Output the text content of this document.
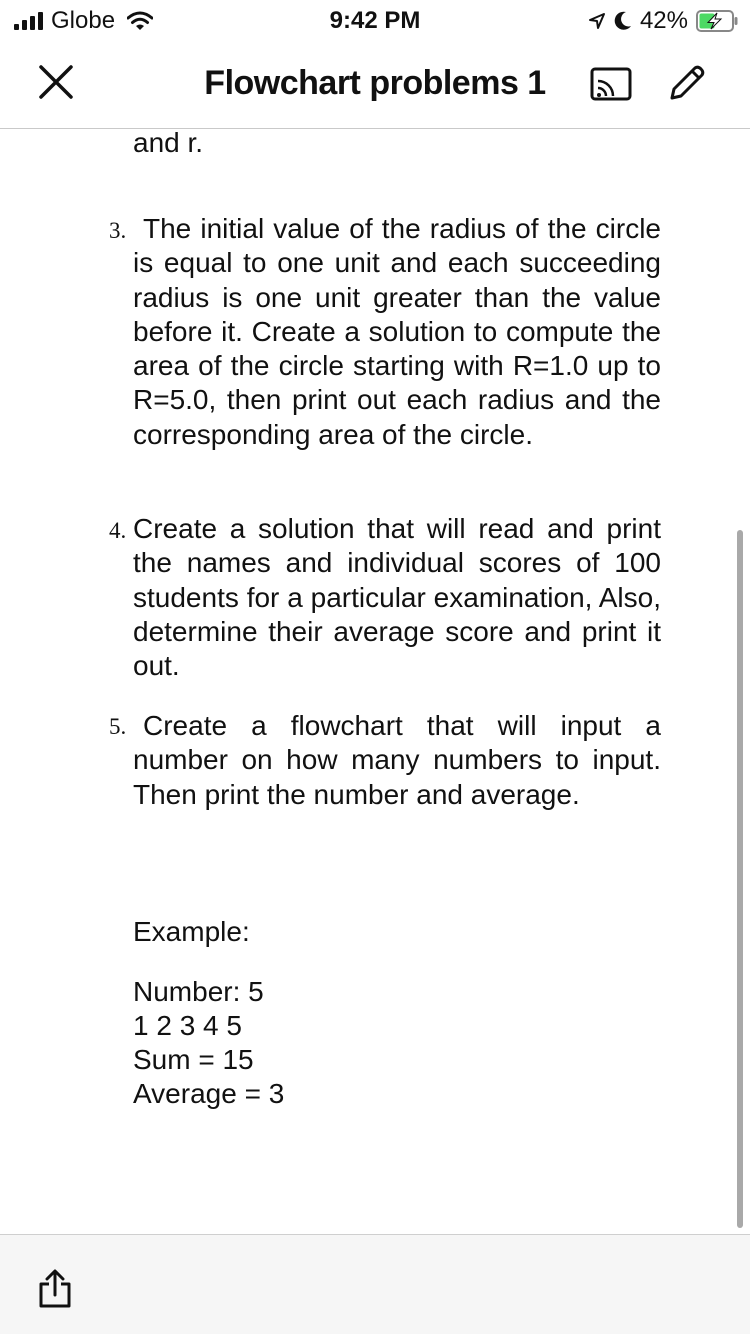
Globe	9:42 PM	42%
Flowchart problems 1
and r.
3. The initial value of the radius of the circle is equal to one unit and each succeeding radius is one unit greater than the value before it. Create a solution to compute the area of the circle starting with R=1.0 up to R=5.0, then print out each radius and the corresponding area of the circle.
4. Create a solution that will read and print the names and individual scores of 100 students for a particular examination, Also, determine their average score and print it out.
5. Create a flowchart that will input a number on how many numbers to input. Then print the number and average.
Example:
Number: 5
1 2 3 4 5
Sum = 15
Average = 3
